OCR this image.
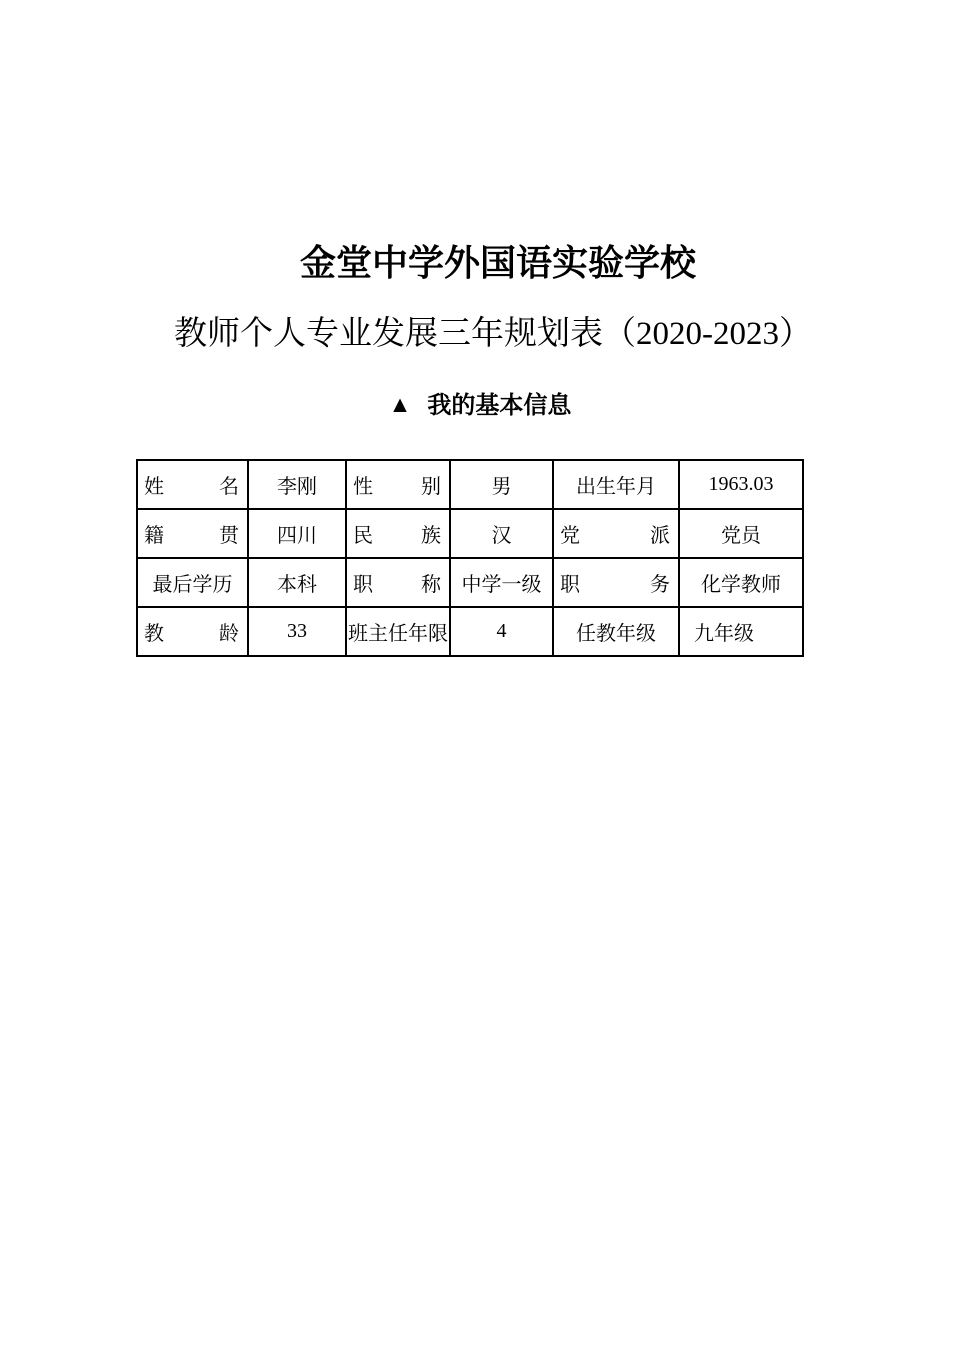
金堂中学外国语实验学校
教师个人专业发展三年规划表（2020-2023）
▲ 我的基本信息
姓 名	李刚	性 别	男	出生年月	1963.03
籍 贯	四川	民 族	汉	党 派	党员
最后学历	本科	职 称	中学一级	职 务	化学教师
教 龄	33	班主任年限	4	任教年级	九年级
